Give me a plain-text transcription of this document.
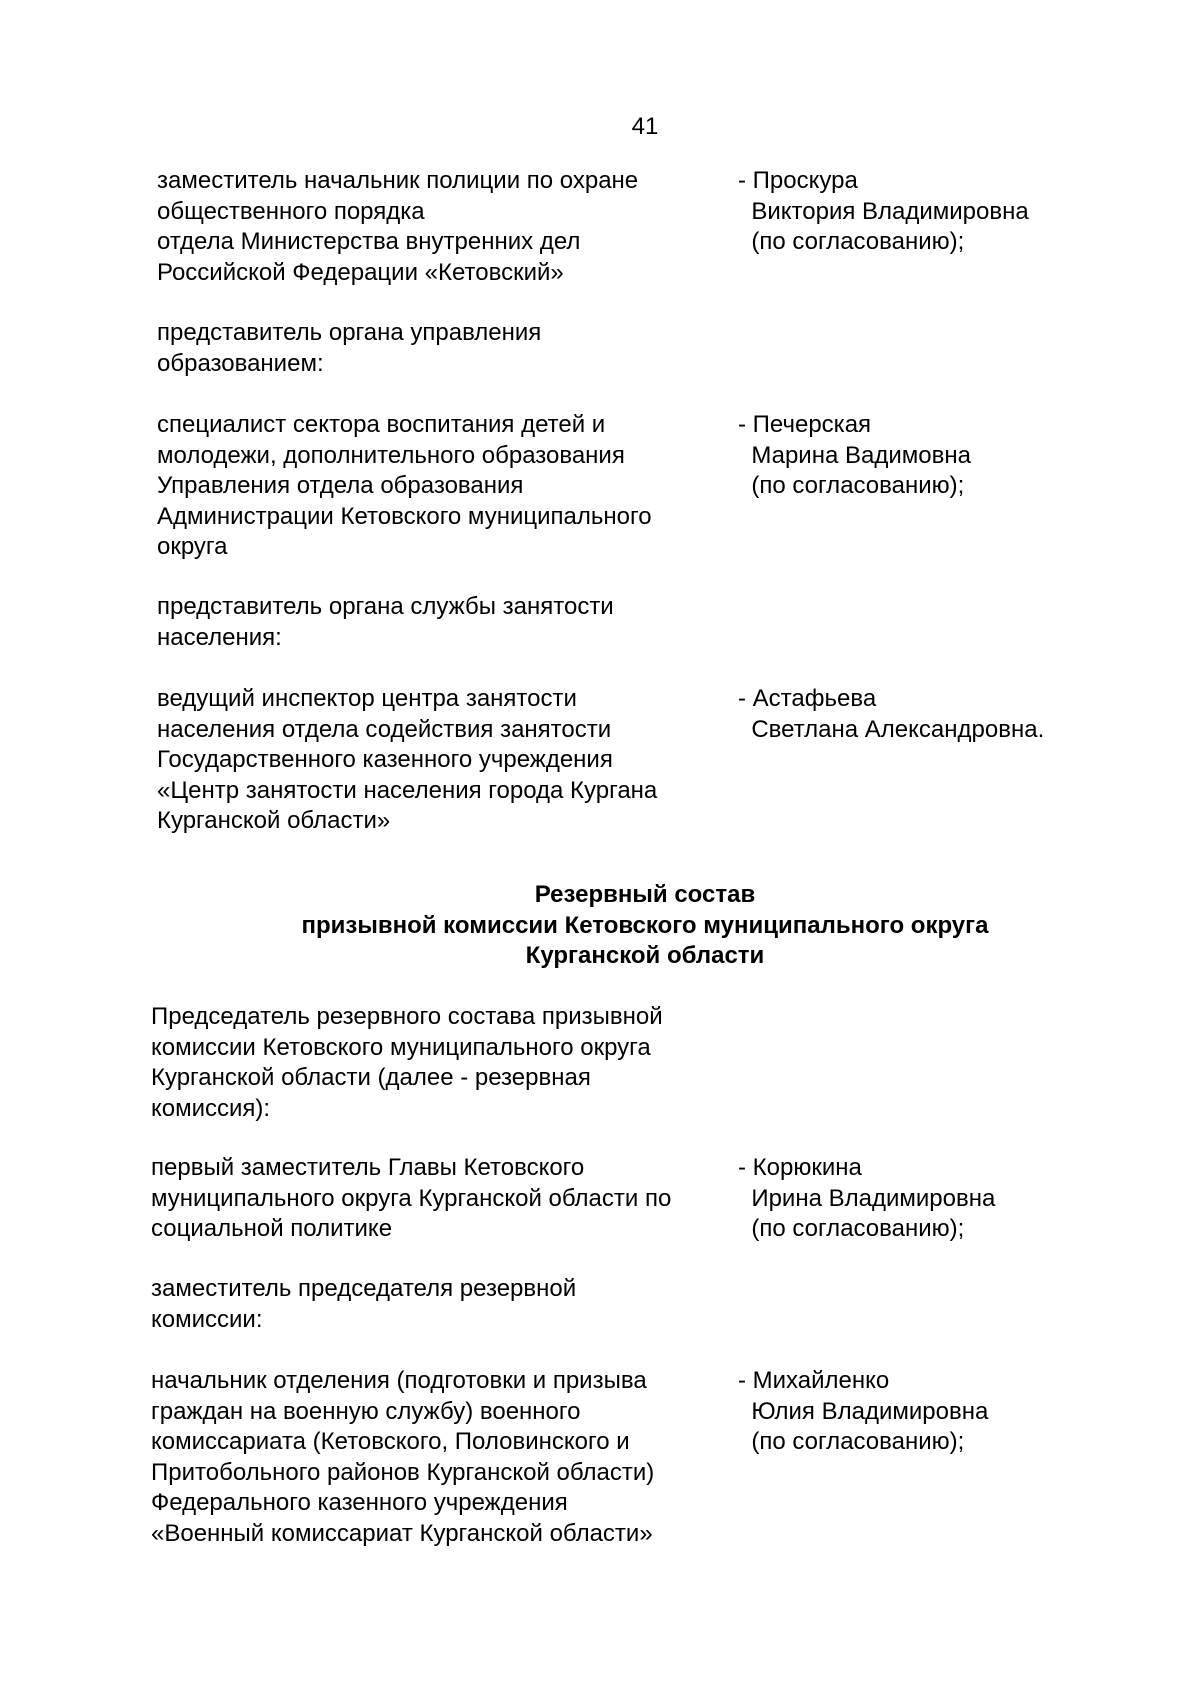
41
заместитель начальник полиции по охране
общественного порядка
отдела Министерства внутренних дел
Российской Федерации «Кетовский»
- Проскура
Виктория Владимировна
(по согласованию);
представитель органа управления
образованием:
специалист сектора воспитания детей и
молодежи, дополнительного образования
Управления отдела образования
Администрации Кетовского муниципального
округа
- Печерская
Марина Вадимовна
(по согласованию);
представитель органа службы занятости
населения:
ведущий инспектор центра занятости
населения отдела содействия занятости
Государственного казенного учреждения
«Центр занятости населения города Кургана
Курганской области»
- Астафьева
Светлана Александровна.
Резервный состав
призывной комиссии Кетовского муниципального округа
Курганской области
Председатель резервного состава призывной
комиссии Кетовского муниципального округа
Курганской области (далее - резервная
комиссия):
первый заместитель Главы Кетовского
муниципального округа Курганской области по
социальной политике
- Корюкина
Ирина Владимировна
(по согласованию);
заместитель председателя резервной
комиссии:
начальник отделения (подготовки и призыва
граждан на военную службу) военного
комиссариата (Кетовского, Половинского и
Притобольного районов Курганской области)
Федерального казенного учреждения
«Военный комиссариат Курганской области»
- Михайленко
Юлия Владимировна
(по согласованию);
